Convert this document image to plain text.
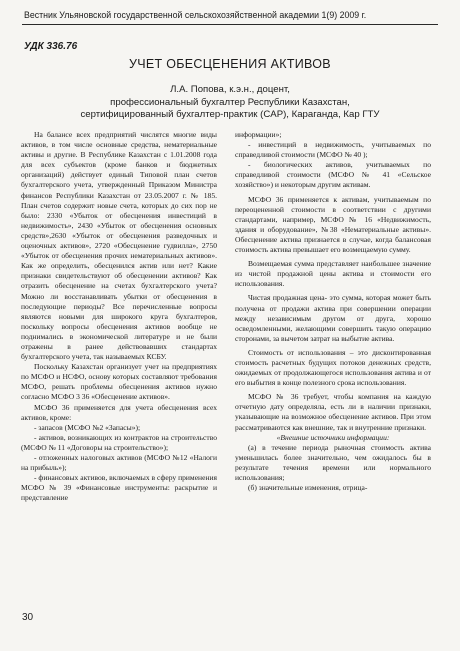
Вестник Ульяновской государственной сельскохозяйственной академии 1(9) 2009 г.
УДК 336.76
УЧЕТ ОБЕСЦЕНЕНИЯ АКТИВОВ
Л.А. Попова, к.э.н., доцент,
профессиональный бухгалтер Республики Казахстан,
сертифицированный бухгалтер-практик (CAP), Караганда, Кар ГТУ

На балансе всех предприятий числятся многие виды активов, в том числе основные средства, нематериальные активы и другие. В Республике Казахстан с 1.01.2008 года для всех субъектов (кроме банков и бюджетных организаций) действует единый Типовой план счетов бухгалтерского учета, утвержденный Приказом Министра финансов Республики Казахстан от 23.05.2007 г. № 185. План счетов содержит новые счета, которых до сих пор не было: 2330 «Убыток от обесценения инвестиций в недвижимость», 2430 «Убыток от обесценения основных средств»,2630 «Убыток от обесценения разведочных и оценочных активов», 2720 «Обесценение гудвилла», 2750 «Убыток от обесценения прочих нематериальных активов». Как же определить, обесценился актив или нет? Какие признаки свидетельствуют об обесценении активов? Как отразить обесценение на счетах бухгалтерского учета? Можно ли восстанавливать убытки от обесценения в последующие периоды? Все перечисленные вопросы являются новыми для широкого круга бухгалтеров, поскольку вопросы обесценения активов вообще не поднимались в экономической литературе и не были отражены в ранее действовавших стандартах бухгалтерского учета, так называемых КСБУ.

Поскольку Казахстан организует учет на предприятиях по МСФО и НСФО, основу которых составляют требования МСФО, решать проблемы обесценения активов нужно согласно МСФО 3 36 «Обесценение активов».

МСФО 36 применяется для учета обесценения всех активов, кроме:

- запасов (МСФО №2 «Запасы»);

- активов, возникающих из контрактов на строительство (МСФО № 11 «Договоры на строительство»);

- отложенных налоговых активов (МСФО №12 «Налоги на прибыль»);

- финансовых активов, включаемых в сферу применения МСФО № 39 «Финансовые инструменты: раскрытие и представление

информации»;

- инвестиций в недвижимость, учитываемых по справедливой стоимости (МСФО № 40 );

- биологических активов, учитываемых по справедливой стоимости (МСФО № 41 «Сельское хозяйство») и некоторым другим активам.

МСФО 36 применяется к активам, учитываемым по переоцененной стоимости в соответствии с другими стандартами, например, МСФО № 16 «Недвижимость, здания и оборудование», №38 «Нематериальные активы». Обесценение актива признается в случае, когда балансовая стоимость актива превышает его возмещаемую сумму.

Возмещаемая сумма представляет наибольшее значение из чистой продажной цены актива и стоимости его использования.

Чистая продажная цена- это сумма, которая может быть получена от продажи актива при совершении операции между независимым другом от друга, хорошо осведомленными, желающими совершить такую операцию сторонами, за вычетом затрат на выбытие актива.

Стоимость от использования – это дисконтированная стоимость расчетных будущих потоков денежных средств, ожидаемых от продолжающегося использования актива и от его выбытия в конце полезного срока использования.

МСФО № 36 требует, чтобы компания на каждую отчетную дату определяла, есть ли в наличии признаки, указывающие на возможное обесценение активов. При этом рассматриваются как внешние, так и внутренние признаки.

«Внешние источники информации:

(а) в течение периода рыночная стоимость актива уменьшилась более значительно, чем ожидалось бы в результате течения времени или нормального использования;

(б) значительные изменения, отрица-

30
